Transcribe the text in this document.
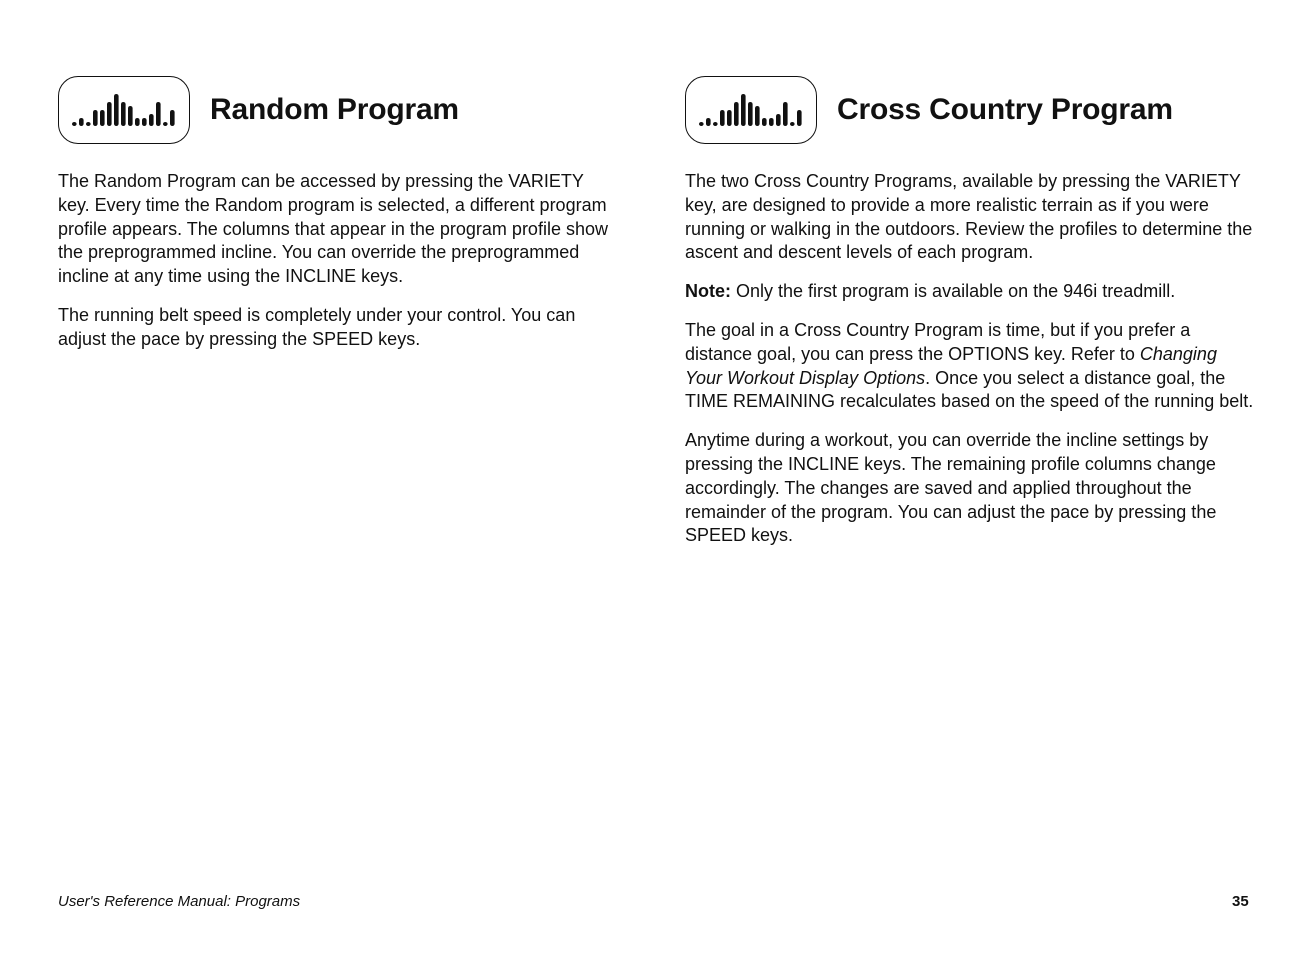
Random Program

The Random Program can be accessed by pressing the VARIETY key. Every time the Random program is selected, a different program profile appears. The columns that appear in the program profile show the preprogrammed incline. You can override the preprogrammed incline at any time using the INCLINE keys.

The running belt speed is completely under your control. You can adjust the pace by pressing the SPEED keys.

Cross Country Program

The two Cross Country Programs, available by pressing the VARIETY key, are designed to provide a more realistic terrain as if you were running or walking in the outdoors. Review the profiles to determine the ascent and descent levels of each program.

Note: Only the first program is available on the 946i treadmill.

The goal in a Cross Country Program is time, but if you prefer a distance goal, you can press the OPTIONS key. Refer to Changing Your Workout Display Options. Once you select a distance goal, the TIME REMAINING recalculates based on the speed of the running belt.

Anytime during a workout, you can override the incline settings by pressing the INCLINE keys. The remaining profile columns change accordingly. The changes are saved and applied throughout the remainder of the program. You can adjust the pace by pressing the SPEED keys.

User's Reference Manual: Programs	35
